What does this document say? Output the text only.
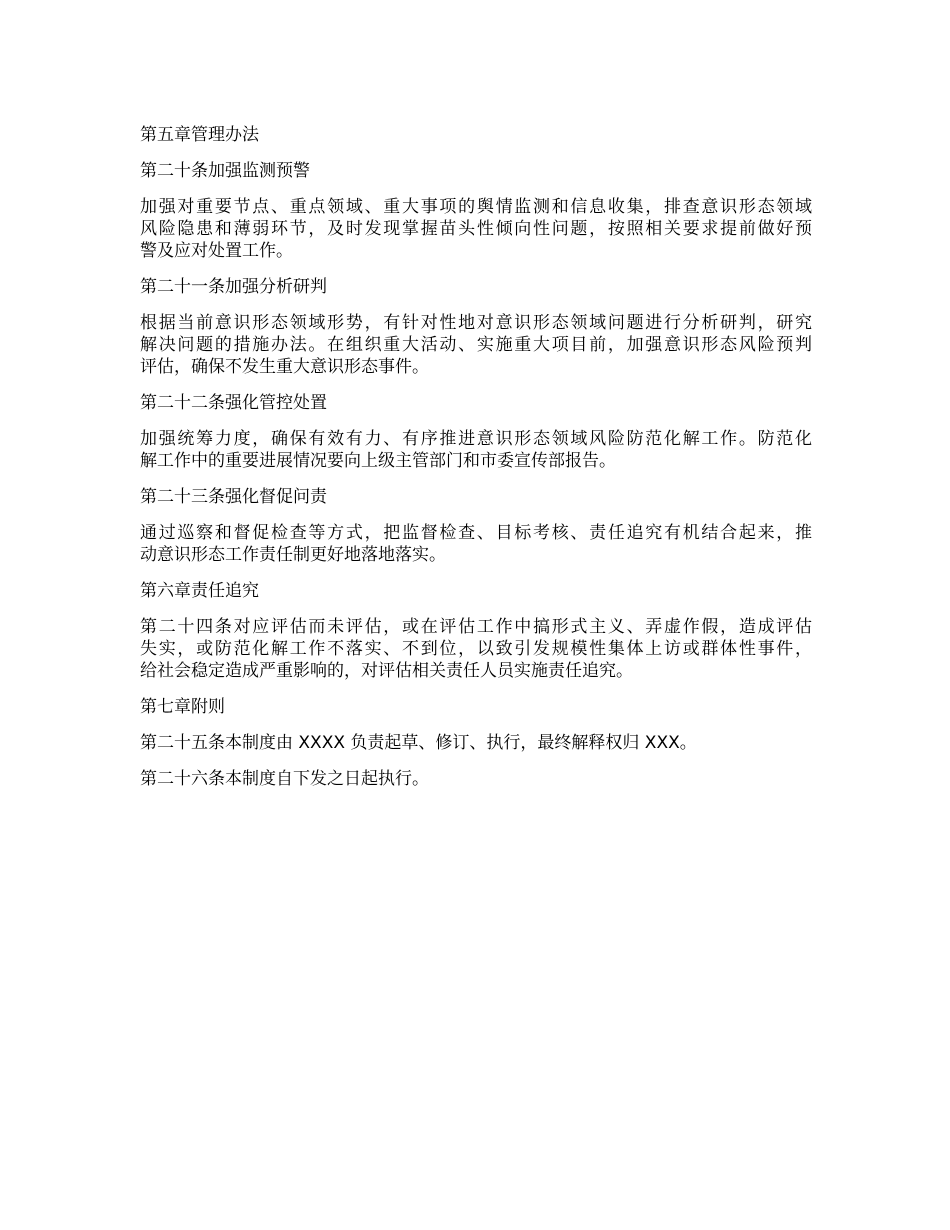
第五章管理办法
第二十条加强监测预警
加强对重要节点、重点领域、重大事项的舆情监测和信息收集，排查意识形态领域
风险隐患和薄弱环节，及时发现掌握苗头性倾向性问题，按照相关要求提前做好预
警及应对处置工作。
第二十一条加强分析研判
根据当前意识形态领域形势，有针对性地对意识形态领域问题进行分析研判，研究
解决问题的措施办法。在组织重大活动、实施重大项目前，加强意识形态风险预判
评估，确保不发生重大意识形态事件。
第二十二条强化管控处置
加强统筹力度，确保有效有力、有序推进意识形态领域风险防范化解工作。防范化
解工作中的重要进展情况要向上级主管部门和市委宣传部报告。
第二十三条强化督促问责
通过巡察和督促检查等方式，把监督检查、目标考核、责任追究有机结合起来，推
动意识形态工作责任制更好地落地落实。
第六章责任追究
第二十四条对应评估而未评估，或在评估工作中搞形式主义、弄虚作假，造成评估
失实，或防范化解工作不落实、不到位，以致引发规模性集体上访或群体性事件，
给社会稳定造成严重影响的，对评估相关责任人员实施责任追究。
第七章附则
第二十五条本制度由 XXXX 负责起草、修订、执行，最终解释权归 XXX。
第二十六条本制度自下发之日起执行。
